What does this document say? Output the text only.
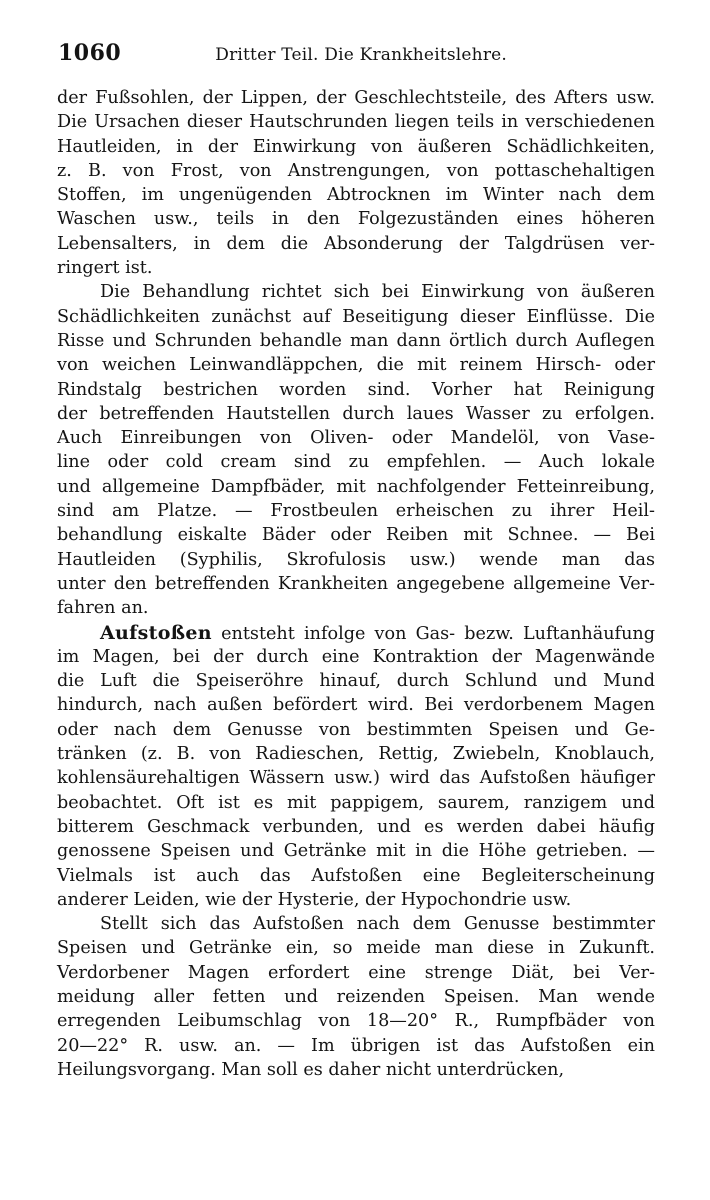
1060	Dritter Teil. Die Krankheitslehre.
der Fußsohlen, der Lippen, der Geschlechtsteile, des Afters usw.
Die Ursachen dieser Hautschrunden liegen teils in verschiedenen
Hautleiden, in der Einwirkung von äußeren Schädlichkeiten,
z. B. von Frost, von Anstrengungen, von pottaschehaltigen
Stoffen, im ungenügenden Abtrocknen im Winter nach dem
Waschen usw., teils in den Folgezuständen eines höheren
Lebensalters, in dem die Absonderung der Talgdrüsen ver-
ringert ist.
Die Behandlung richtet sich bei Einwirkung von äußeren
Schädlichkeiten zunächst auf Beseitigung dieser Einflüsse. Die
Risse und Schrunden behandle man dann örtlich durch Auflegen
von weichen Leinwandläppchen, die mit reinem Hirsch- oder
Rindstalg bestrichen worden sind. Vorher hat Reinigung
der betreffenden Hautstellen durch laues Wasser zu erfolgen.
Auch Einreibungen von Oliven- oder Mandelöl, von Vase-
line oder cold cream sind zu empfehlen. — Auch lokale
und allgemeine Dampfbäder, mit nachfolgender Fetteinreibung,
sind am Platze. — Frostbeulen erheischen zu ihrer Heil-
behandlung eiskalte Bäder oder Reiben mit Schnee. — Bei
Hautleiden (Syphilis, Skrofulosis usw.) wende man das
unter den betreffenden Krankheiten angegebene allgemeine Ver-
fahren an.
Aufstoßen entsteht infolge von Gas- bezw. Luftanhäufung
im Magen, bei der durch eine Kontraktion der Magenwände
die Luft die Speiseröhre hinauf, durch Schlund und Mund
hindurch, nach außen befördert wird. Bei verdorbenem Magen
oder nach dem Genusse von bestimmten Speisen und Ge-
tränken (z. B. von Radieschen, Rettig, Zwiebeln, Knoblauch,
kohlensäurehaltigen Wässern usw.) wird das Aufstoßen häufiger
beobachtet. Oft ist es mit pappigem, saurem, ranzigem und
bitterem Geschmack verbunden, und es werden dabei häufig
genossene Speisen und Getränke mit in die Höhe getrieben. —
Vielmals ist auch das Aufstoßen eine Begleiterscheinung
anderer Leiden, wie der Hysterie, der Hypochondrie usw.
Stellt sich das Aufstoßen nach dem Genusse bestimmter
Speisen und Getränke ein, so meide man diese in Zukunft.
Verdorbener Magen erfordert eine strenge Diät, bei Ver-
meidung aller fetten und reizenden Speisen. Man wende
erregenden Leibumschlag von 18—20° R., Rumpfbäder von
20—22° R. usw. an. — Im übrigen ist das Aufstoßen ein
Heilungsvorgang. Man soll es daher nicht unterdrücken,
